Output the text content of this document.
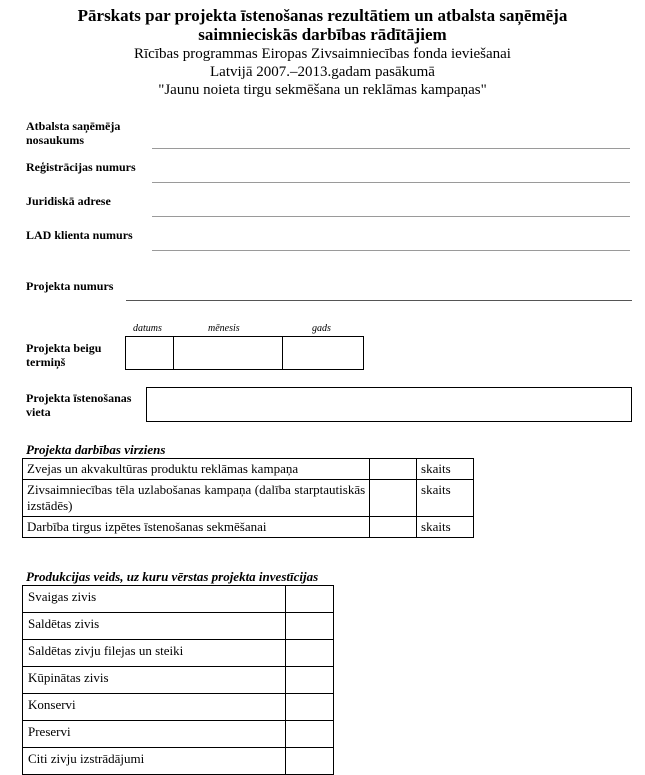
Pārskats par projekta īstenošanas rezultātiem un atbalsta saņēmēja
saimnieciskās darbības rādītājiem
Rīcības programmas Eiropas Zivsaimniecības fonda ieviešanai
Latvijā 2007.–2013.gadam pasākumā
"Jaunu noieta tirgu sekmēšana un reklāmas kampaņas"
Atbalsta saņēmēja
nosaukums
Reģistrācijas numurs
Juridiskā adrese
LAD klienta numurs
Projekta numurs
datums	mēnesis	gads
Projekta beigu
termiņš
Projekta īstenošanas
vieta
Projekta darbības virziens
Zvejas un akvakultūras produktu reklāmas kampaņa		skaits
Zivsaimniecības tēla uzlabošanas kampaņa (dalība starptautiskās izstādēs)		skaits
Darbība tirgus izpētes īstenošanas sekmēšanai		skaits
Produkcijas veids, uz kuru vērstas projekta investīcijas
Svaigas zivis	
Saldētas zivis	
Saldētas zivju filejas un steiki	
Kūpinātas zivis	
Konservi	
Preservi	
Citi zivju izstrādājumi	
